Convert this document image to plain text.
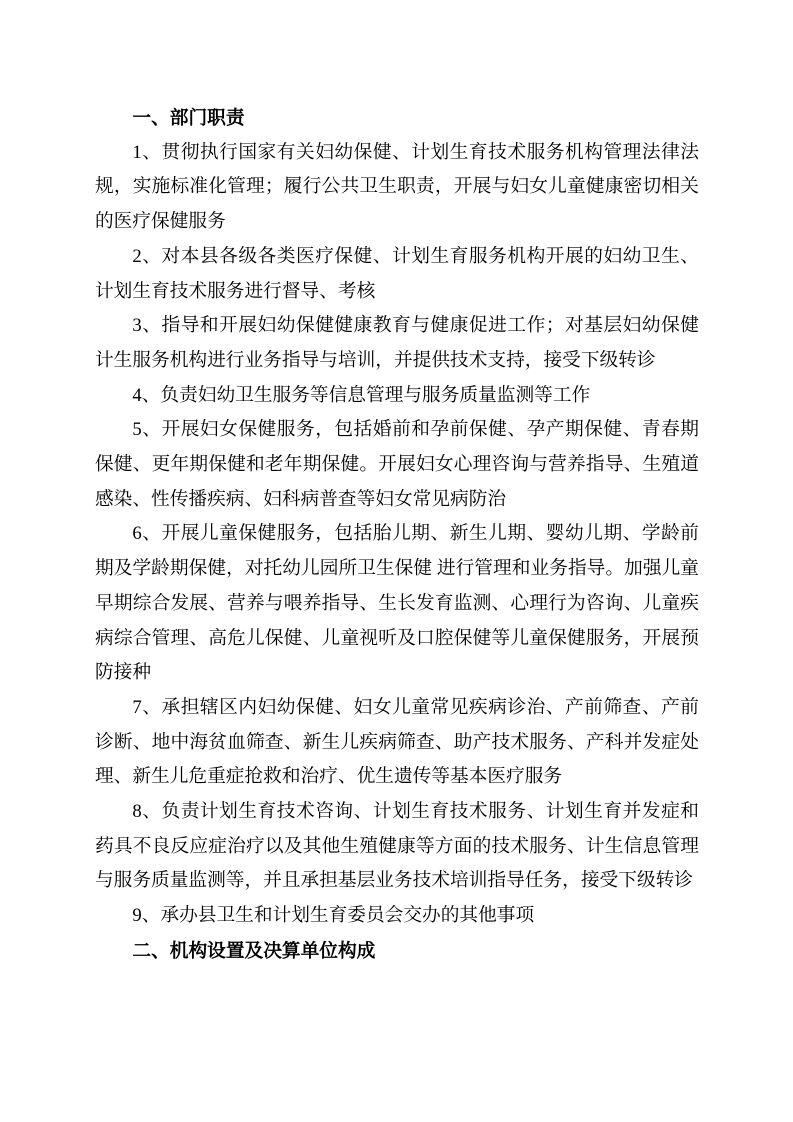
一、部门职责

1、贯彻执行国家有关妇幼保健、计划生育技术服务机构管理法律法规，实施标准化管理；履行公共卫生职责，开展与妇女儿童健康密切相关的医疗保健服务

2、对本县各级各类医疗保健、计划生育服务机构开展的妇幼卫生、计划生育技术服务进行督导、考核

3、指导和开展妇幼保健健康教育与健康促进工作；对基层妇幼保健计生服务机构进行业务指导与培训，并提供技术支持，接受下级转诊

4、负责妇幼卫生服务等信息管理与服务质量监测等工作

5、开展妇女保健服务，包括婚前和孕前保健、孕产期保健、青春期保健、更年期保健和老年期保健。开展妇女心理咨询与营养指导、生殖道感染、性传播疾病、妇科病普查等妇女常见病防治

6、开展儿童保健服务，包括胎儿期、新生儿期、婴幼儿期、学龄前期及学龄期保健，对托幼儿园所卫生保健 进行管理和业务指导。加强儿童早期综合发展、营养与喂养指导、生长发育监测、心理行为咨询、儿童疾病综合管理、高危儿保健、儿童视听及口腔保健等儿童保健服务，开展预防接种

7、承担辖区内妇幼保健、妇女儿童常见疾病诊治、产前筛查、产前诊断、地中海贫血筛查、新生儿疾病筛查、助产技术服务、产科并发症处理、新生儿危重症抢救和治疗、优生遗传等基本医疗服务

8、负责计划生育技术咨询、计划生育技术服务、计划生育并发症和药具不良反应症治疗以及其他生殖健康等方面的技术服务、计生信息管理与服务质量监测等，并且承担基层业务技术培训指导任务，接受下级转诊

9、承办县卫生和计划生育委员会交办的其他事项

二、机构设置及决算单位构成
